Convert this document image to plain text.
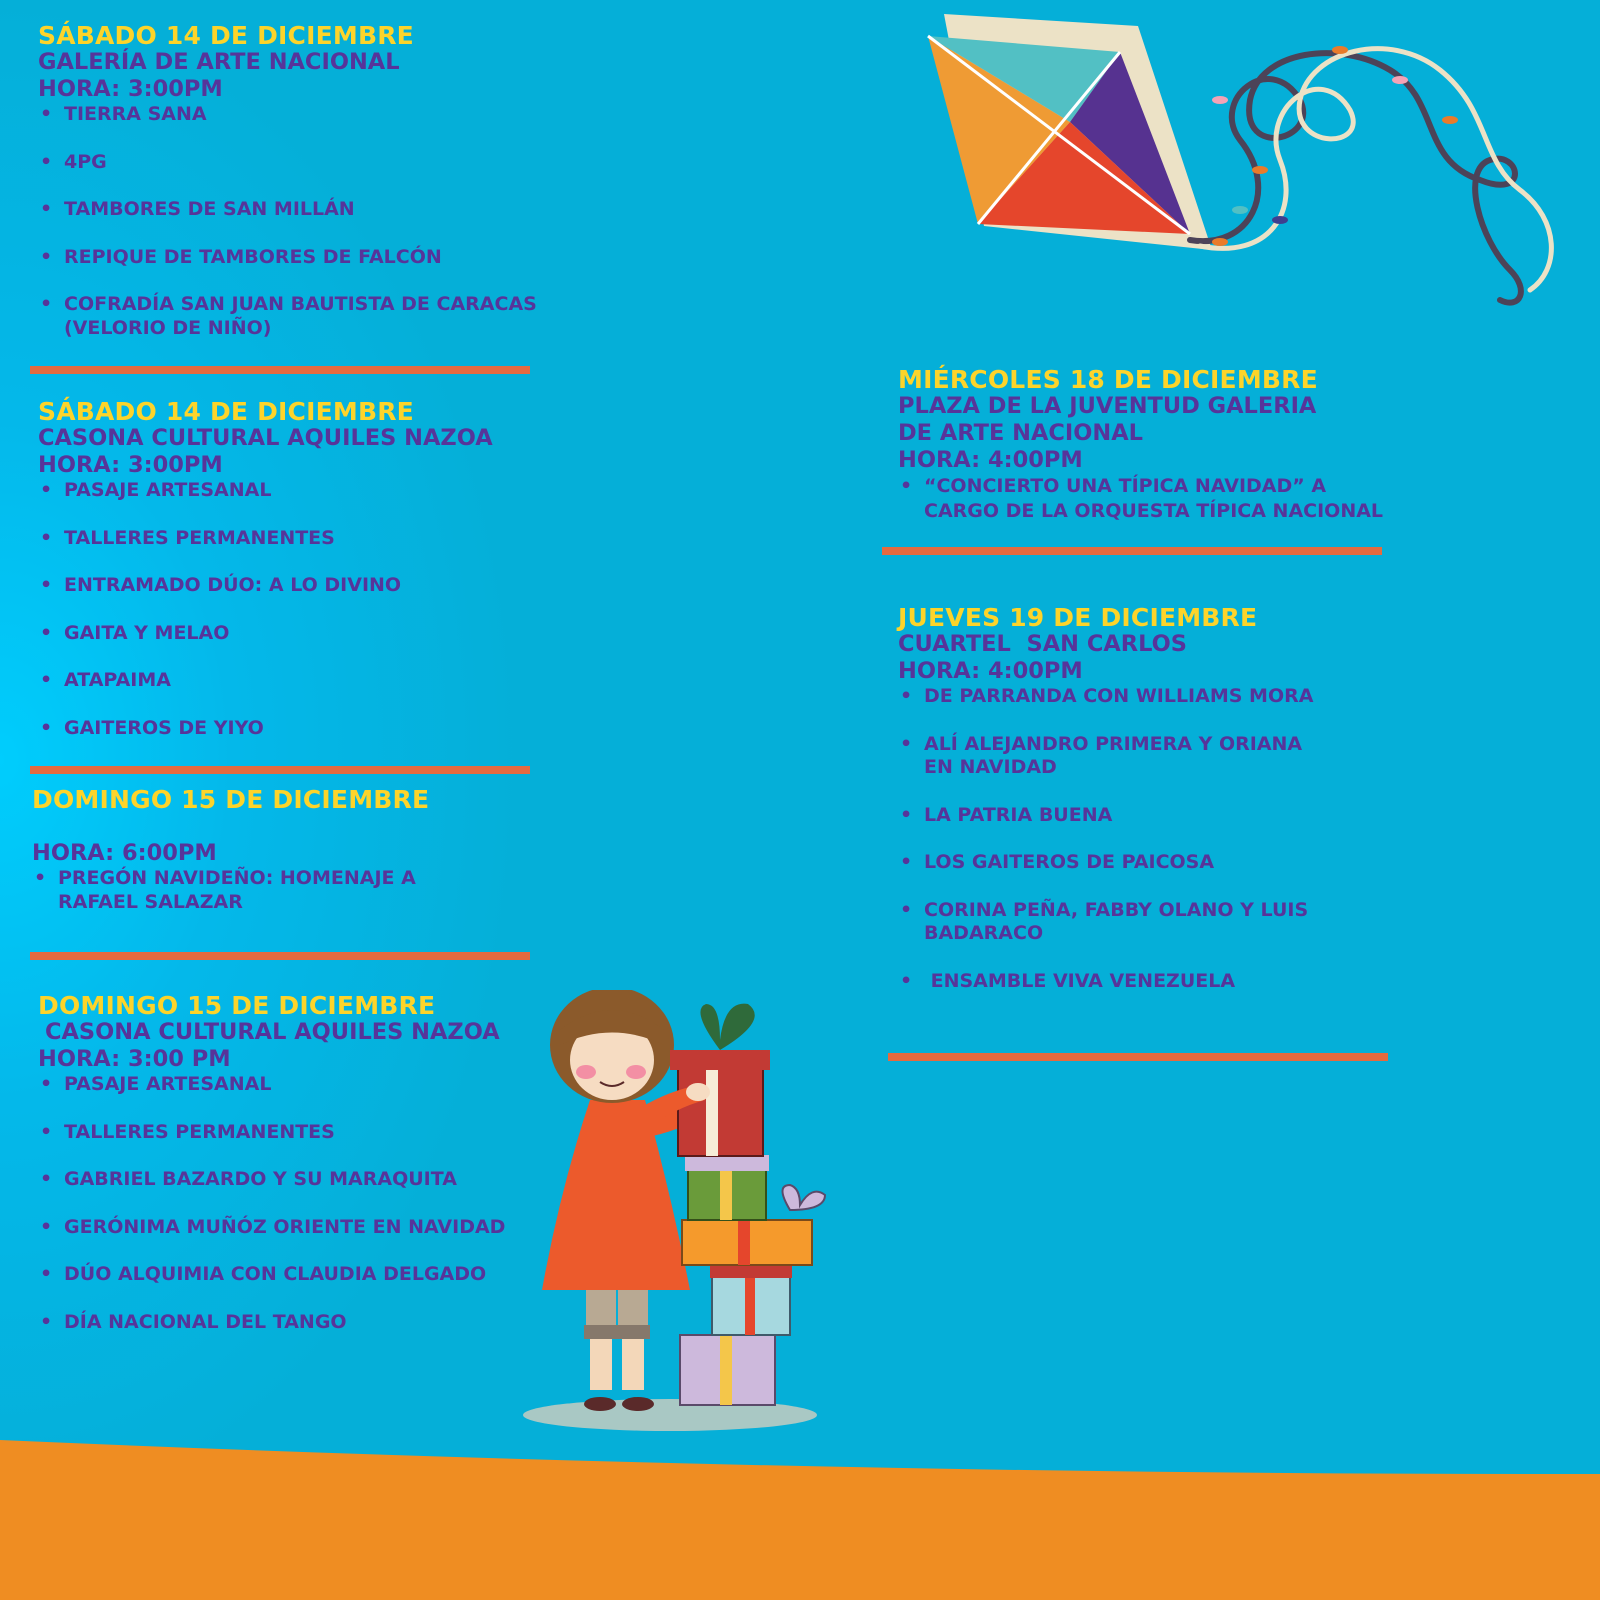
SÁBADO 14 DE DICIEMBRE
GALERÍA DE ARTE NACIONAL
HORA: 3:00PM
• TIERRA SANA
• 4PG
• TAMBORES DE SAN MILLÁN
• REPIQUE DE TAMBORES DE FALCÓN
• COFRADÍA SAN JUAN BAUTISTA DE CARACAS (VELORIO DE NIÑO)
SÁBADO 14 DE DICIEMBRE
CASONA CULTURAL AQUILES NAZOA
HORA: 3:00PM
• PASAJE ARTESANAL
• TALLERES PERMANENTES
• ENTRAMADO DÚO: A LO DIVINO
• GAITA Y MELAO
• ATAPAIMA
• GAITEROS DE YIYO
DOMINGO 15 DE DICIEMBRE
HORA: 6:00PM
• PREGÓN NAVIDEÑO: HOMENAJE A RAFAEL SALAZAR
DOMINGO 15 DE DICIEMBRE
CASONA CULTURAL AQUILES NAZOA
HORA: 3:00 PM
• PASAJE ARTESANAL
• TALLERES PERMANENTES
• GABRIEL BAZARDO Y SU MARAQUITA
• GERÓNIMA MUÑÓZ ORIENTE EN NAVIDAD
• DÚO ALQUIMIA CON CLAUDIA DELGADO
• DÍA NACIONAL DEL TANGO
MIÉRCOLES 18 DE DICIEMBRE
PLAZA DE LA JUVENTUD GALERIA
DE ARTE NACIONAL
HORA: 4:00PM
• “CONCIERTO UNA TÍPICA NAVIDAD” A CARGO DE LA ORQUESTA TÍPICA NACIONAL
JUEVES 19 DE DICIEMBRE
CUARTEL  SAN CARLOS
HORA: 4:00PM
• DE PARRANDA CON WILLIAMS MORA
• ALÍ ALEJANDRO PRIMERA Y ORIANA EN NAVIDAD
• LA PATRIA BUENA
• LOS GAITEROS DE PAICOSA
• CORINA PEÑA, FABBY OLANO Y LUIS BADARACO
•  ENSAMBLE VIVA VENEZUELA
